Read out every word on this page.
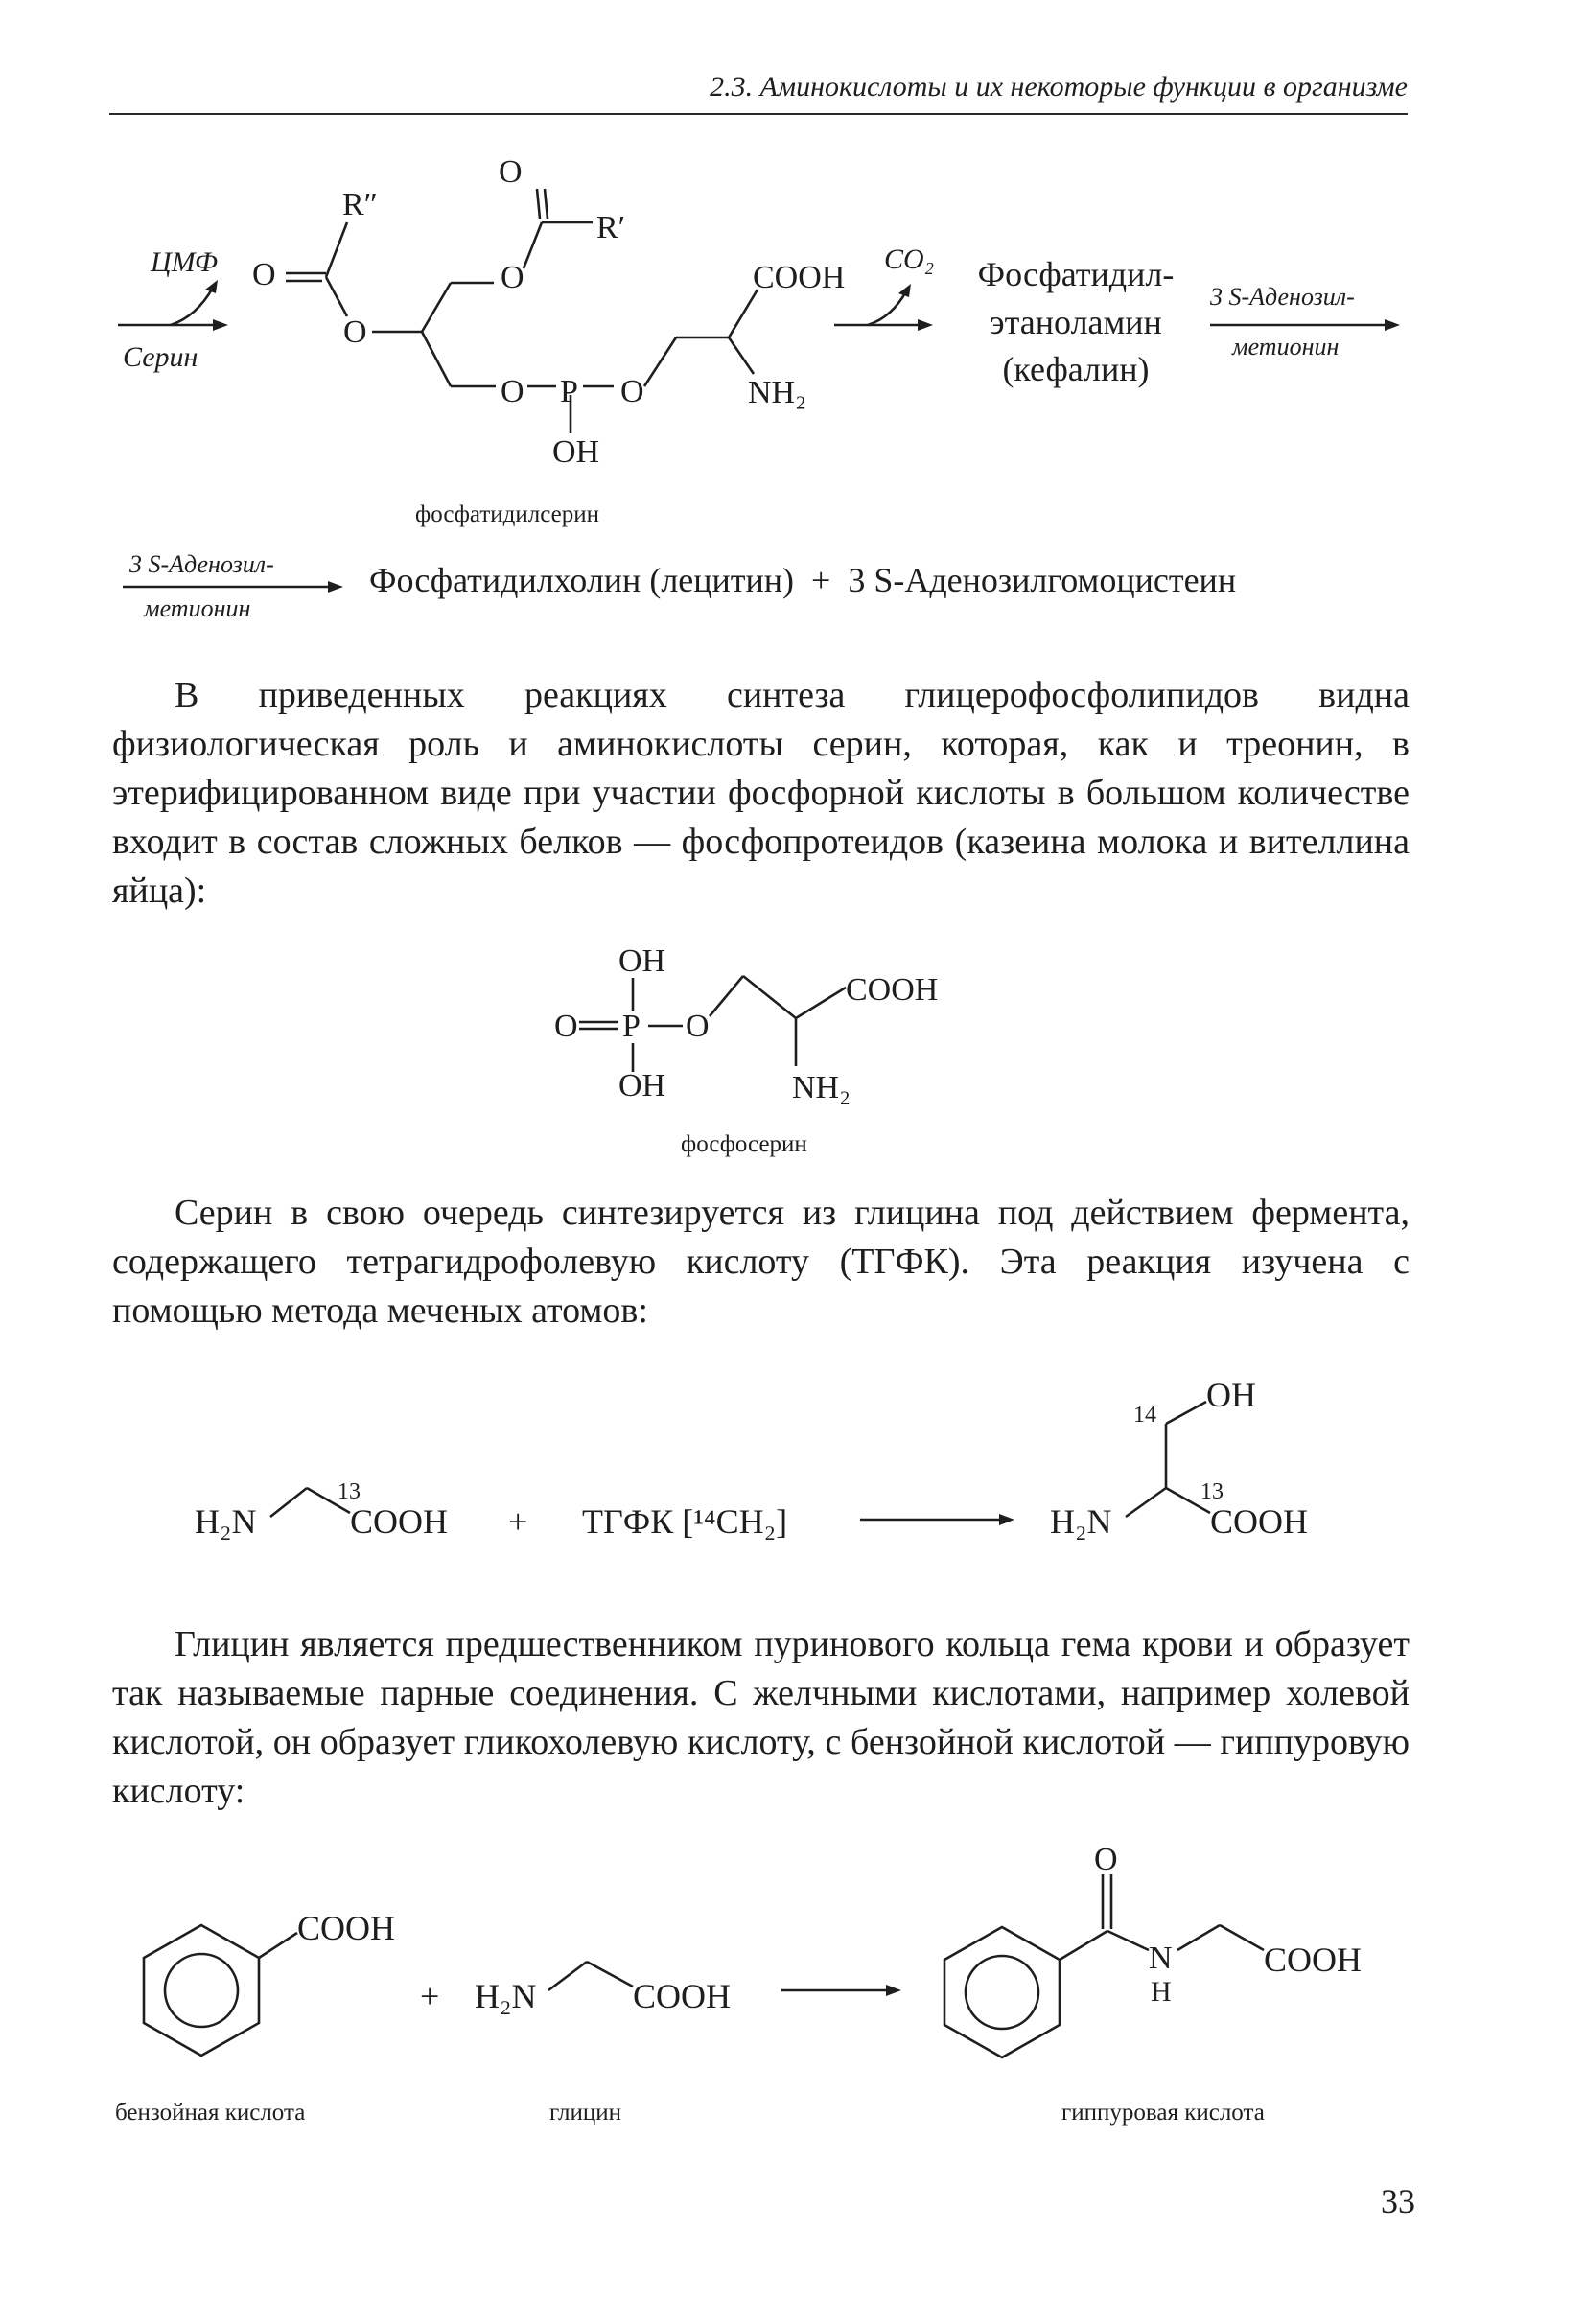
2.3. Аминокислоты и их некоторые функции в организме
ЦМФ
Серин
R″
O
R′
O	O
O
O P O
OH
COOH
NH₂
CO₂ Фосфатидил-
этаноламин
(кефалин)
3 S-Аденозил-
метионин
фосфатидилсерин
3 S-Аденозил-
метионин
Фосфатидилхолин (лецитин)  +  3 S-Аденозилгомоцистеин

В приведенных реакциях синтеза глицерофосфолипидов видна физиологическая роль и аминокислоты серин, которая, как и треонин, в этерифицированном виде при участии фосфорной кислоты в большом количестве входит в состав сложных белков — фосфопротеидов (казеина молока и вителлина яйца):

OH
O P O
OH
COOH
NH₂
фосфосерин

Серин в свою очередь синтезируется из глицина под действием фермента, содержащего тетрагидрофолевую кислоту (ТГФК). Эта реакция изучена с помощью метода меченых атомов:

H₂N
13
COOH + ТГФК [¹⁴CH₂]	H₂N
14
OH
13
COOH

Глицин является предшественником пуринового кольца гема крови и образует так называемые парные соединения. С желчными кислотами, например холевой кислотой, он образует гликохолевую кислоту, с бензойной кислотой — гиппуровую кислоту:

COOH
+ H₂N	COOH
O
N
H
COOH
бензойная кислота	глицин	гиппуровая кислота
33
